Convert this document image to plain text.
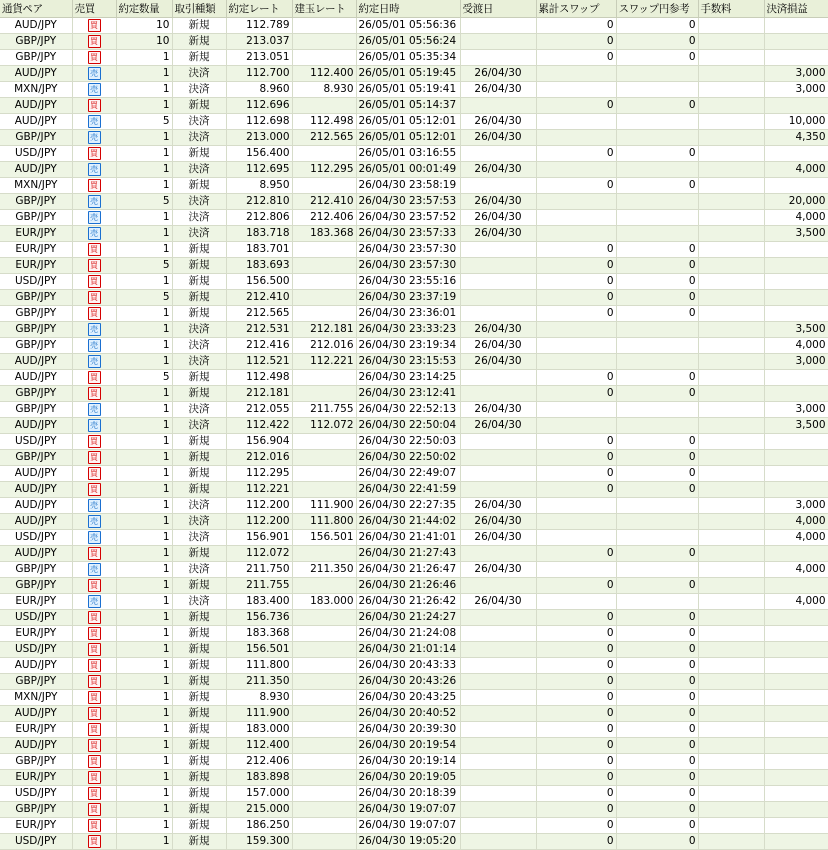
通貨ペア	売買	約定数量	取引種類	約定レート	建玉レート	約定日時	受渡日	累計スワップ	スワップ円参考	手数料	決済損益
AUD/JPY	買	10	新規	112.789		26/05/01 05:56:36		0	0		
GBP/JPY	買	10	新規	213.037		26/05/01 05:56:24		0	0		
GBP/JPY	買	1	新規	213.051		26/05/01 05:35:34		0	0		
AUD/JPY	売	1	決済	112.700	112.400	26/05/01 05:19:45	26/04/30				3,000
MXN/JPY	売	1	決済	8.960	8.930	26/05/01 05:19:41	26/04/30				3,000
AUD/JPY	買	1	新規	112.696		26/05/01 05:14:37		0	0		
AUD/JPY	売	5	決済	112.698	112.498	26/05/01 05:12:01	26/04/30				10,000
GBP/JPY	売	1	決済	213.000	212.565	26/05/01 05:12:01	26/04/30				4,350
USD/JPY	買	1	新規	156.400		26/05/01 03:16:55		0	0		
AUD/JPY	売	1	決済	112.695	112.295	26/05/01 00:01:49	26/04/30				4,000
MXN/JPY	買	1	新規	8.950		26/04/30 23:58:19		0	0		
GBP/JPY	売	5	決済	212.810	212.410	26/04/30 23:57:53	26/04/30				20,000
GBP/JPY	売	1	決済	212.806	212.406	26/04/30 23:57:52	26/04/30				4,000
EUR/JPY	売	1	決済	183.718	183.368	26/04/30 23:57:33	26/04/30				3,500
EUR/JPY	買	1	新規	183.701		26/04/30 23:57:30		0	0		
EUR/JPY	買	5	新規	183.693		26/04/30 23:57:30		0	0		
USD/JPY	買	1	新規	156.500		26/04/30 23:55:16		0	0		
GBP/JPY	買	5	新規	212.410		26/04/30 23:37:19		0	0		
GBP/JPY	買	1	新規	212.565		26/04/30 23:36:01		0	0		
GBP/JPY	売	1	決済	212.531	212.181	26/04/30 23:33:23	26/04/30				3,500
GBP/JPY	売	1	決済	212.416	212.016	26/04/30 23:19:34	26/04/30				4,000
AUD/JPY	売	1	決済	112.521	112.221	26/04/30 23:15:53	26/04/30				3,000
AUD/JPY	買	5	新規	112.498		26/04/30 23:14:25		0	0		
GBP/JPY	買	1	新規	212.181		26/04/30 23:12:41		0	0		
GBP/JPY	売	1	決済	212.055	211.755	26/04/30 22:52:13	26/04/30				3,000
AUD/JPY	売	1	決済	112.422	112.072	26/04/30 22:50:04	26/04/30				3,500
USD/JPY	買	1	新規	156.904		26/04/30 22:50:03		0	0		
GBP/JPY	買	1	新規	212.016		26/04/30 22:50:02		0	0		
AUD/JPY	買	1	新規	112.295		26/04/30 22:49:07		0	0		
AUD/JPY	買	1	新規	112.221		26/04/30 22:41:59		0	0		
AUD/JPY	売	1	決済	112.200	111.900	26/04/30 22:27:35	26/04/30				3,000
AUD/JPY	売	1	決済	112.200	111.800	26/04/30 21:44:02	26/04/30				4,000
USD/JPY	売	1	決済	156.901	156.501	26/04/30 21:41:01	26/04/30				4,000
AUD/JPY	買	1	新規	112.072		26/04/30 21:27:43		0	0		
GBP/JPY	売	1	決済	211.750	211.350	26/04/30 21:26:47	26/04/30				4,000
GBP/JPY	買	1	新規	211.755		26/04/30 21:26:46		0	0		
EUR/JPY	売	1	決済	183.400	183.000	26/04/30 21:26:42	26/04/30				4,000
USD/JPY	買	1	新規	156.736		26/04/30 21:24:27		0	0		
EUR/JPY	買	1	新規	183.368		26/04/30 21:24:08		0	0		
USD/JPY	買	1	新規	156.501		26/04/30 21:01:14		0	0		
AUD/JPY	買	1	新規	111.800		26/04/30 20:43:33		0	0		
GBP/JPY	買	1	新規	211.350		26/04/30 20:43:26		0	0		
MXN/JPY	買	1	新規	8.930		26/04/30 20:43:25		0	0		
AUD/JPY	買	1	新規	111.900		26/04/30 20:40:52		0	0		
EUR/JPY	買	1	新規	183.000		26/04/30 20:39:30		0	0		
AUD/JPY	買	1	新規	112.400		26/04/30 20:19:54		0	0		
GBP/JPY	買	1	新規	212.406		26/04/30 20:19:14		0	0		
EUR/JPY	買	1	新規	183.898		26/04/30 20:19:05		0	0		
USD/JPY	買	1	新規	157.000		26/04/30 20:18:39		0	0		
GBP/JPY	買	1	新規	215.000		26/04/30 19:07:07		0	0		
EUR/JPY	買	1	新規	186.250		26/04/30 19:07:07		0	0		
USD/JPY	買	1	新規	159.300		26/04/30 19:05:20		0	0		
